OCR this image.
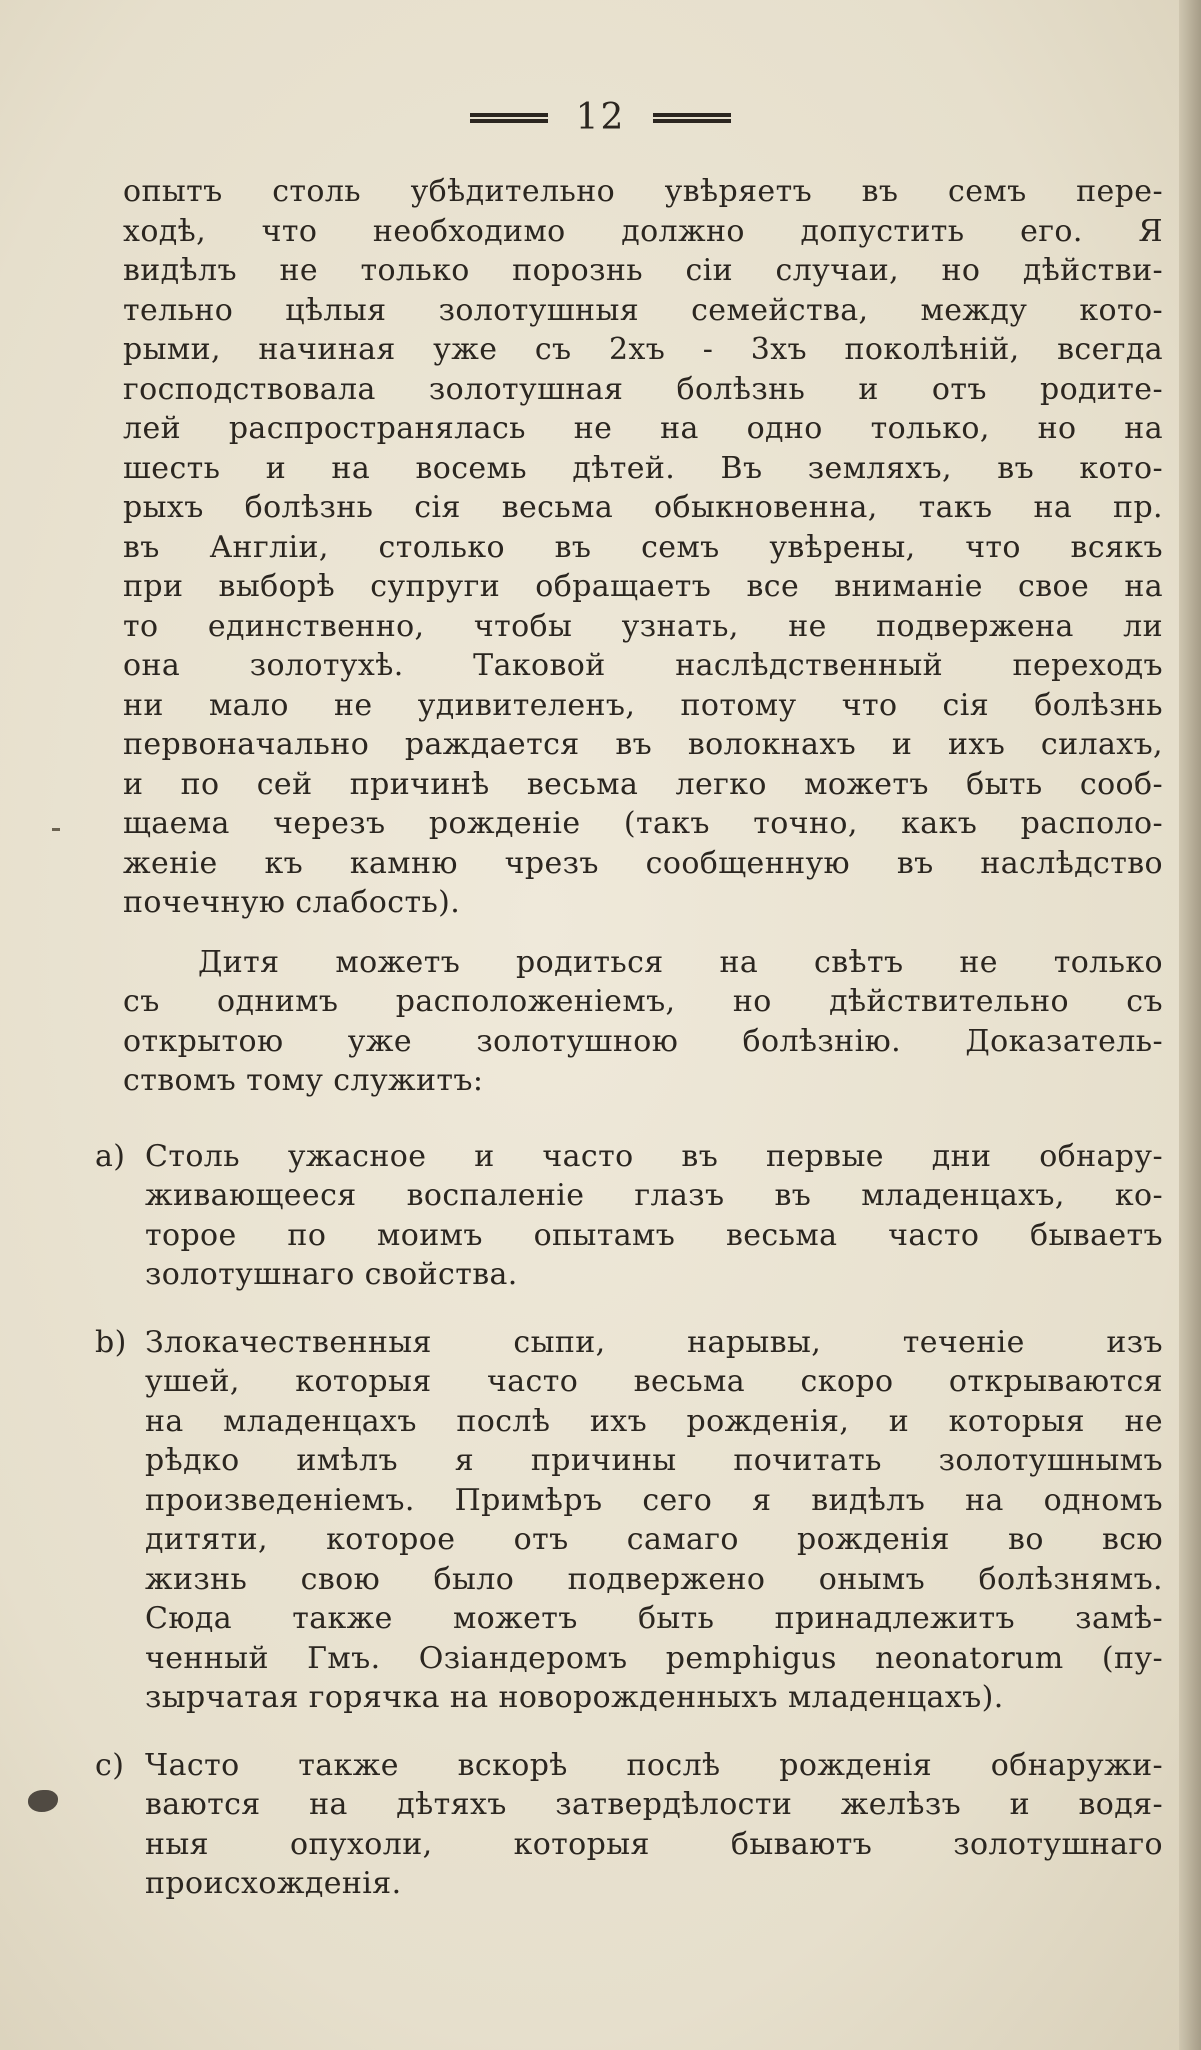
12
опытъ столь убѣдительно увѣряетъ въ семъ пере-
ходѣ, что необходимо должно допустить его. Я
видѣлъ не только порознь сіи случаи, но дѣйстви-
тельно цѣлыя золотушныя семейства, между кото-
рыми, начиная уже съ 2хъ - 3хъ поколѣній, всегда
господствовала золотушная болѣзнь и отъ родите-
лей распространялась не на одно только, но на
шесть и на восемь дѣтей. Въ земляхъ, въ кото-
рыхъ болѣзнь сія весьма обыкновенна, такъ на пр.
въ Англіи, столько въ семъ увѣрены, что всякъ
при выборѣ супруги обращаетъ все вниманіе свое на
то единственно, чтобы узнать, не подвержена ли
она золотухѣ. Таковой наслѣдственный переходъ
ни мало не удивителенъ, потому что сія болѣзнь
первоначально раждается въ волокнахъ и ихъ силахъ,
и по сей причинѣ весьма легко можетъ быть сооб-
щаема черезъ рожденіе (такъ точно, какъ располо-
женіе къ камню чрезъ сообщенную въ наслѣдство
почечную слабость).
Дитя можетъ родиться на свѣтъ не только
съ однимъ расположеніемъ, но дѣйствительно съ
открытою уже золотушною болѣзнію. Доказатель-
ствомъ тому служитъ:
a) Столь ужасное и часто въ первые дни обнару-
живающееся воспаленіе глазъ въ младенцахъ, ко-
торое по моимъ опытамъ весьма часто бываетъ
золотушнаго свойства.
b) Злокачественныя сыпи, нарывы, теченіе изъ
ушей, которыя часто весьма скоро открываются
на младенцахъ послѣ ихъ рожденія, и которыя не
рѣдко имѣлъ я причины почитать золотушнымъ
произведеніемъ. Примѣръ сего я видѣлъ на одномъ
дитяти, которое отъ самаго рожденія во всю
жизнь свою было подвержено онымъ болѣзнямъ.
Сюда также можетъ быть принадлежитъ замѣ-
ченный Гмъ. Озіандеромъ pemphigus neonatorum (пу-
зырчатая горячка на новорожденныхъ младенцахъ).
c) Часто также вскорѣ послѣ рожденія обнаружи-
ваются на дѣтяхъ затвердѣлости желѣзъ и водя-
ныя опухоли, которыя бываютъ золотушнаго
происхожденія.
